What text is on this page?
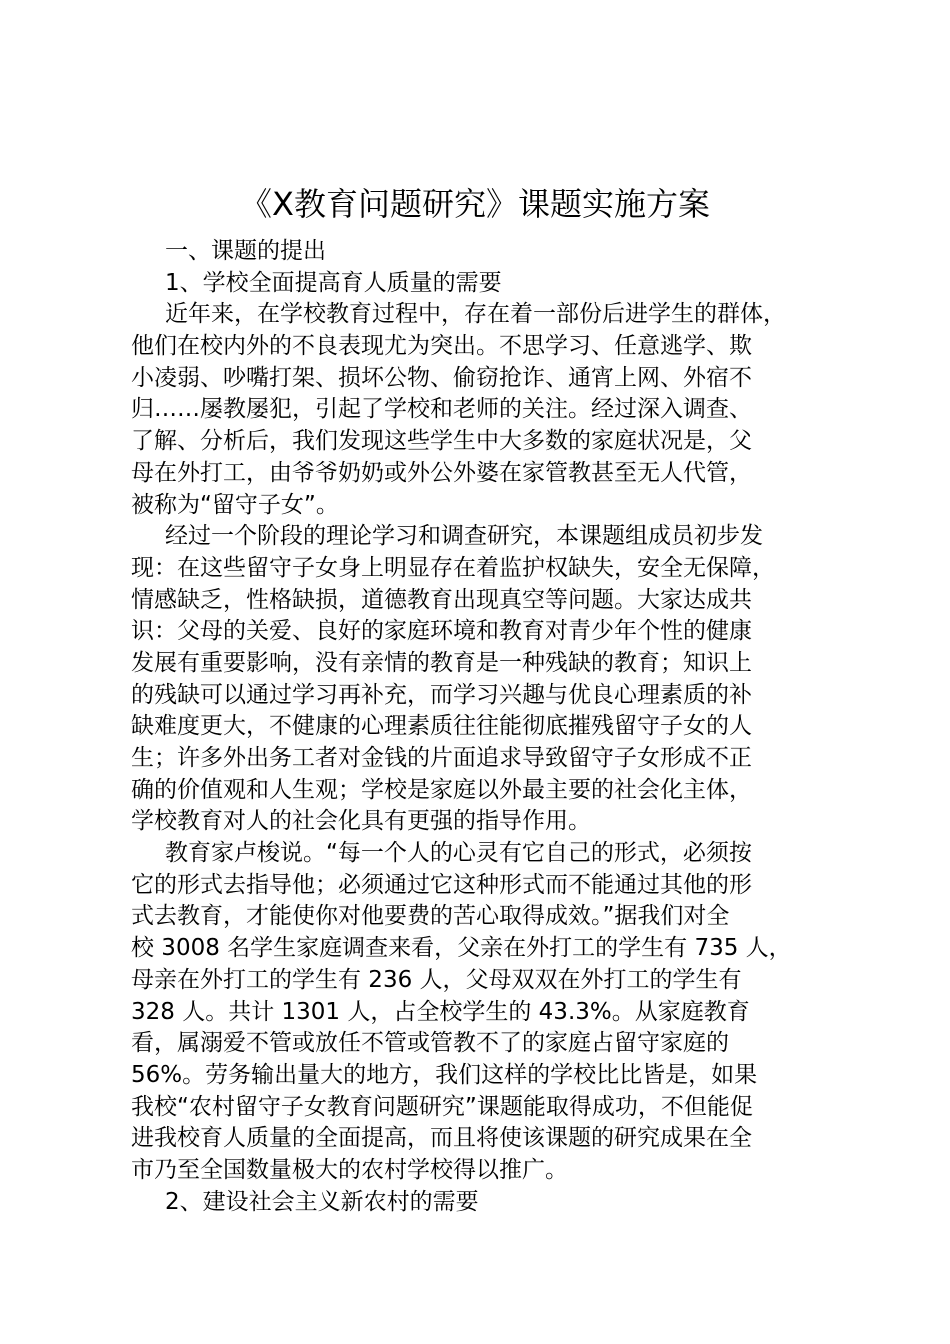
《X教育问题研究》课题实施方案
一、课题的提出
1、学校全面提高育人质量的需要
近年来，在学校教育过程中，存在着一部份后进学生的群体，
他们在校内外的不良表现尤为突出。不思学习、任意逃学、欺
小凌弱、吵嘴打架、损坏公物、偷窃抢诈、通宵上网、外宿不
归……屡教屡犯，引起了学校和老师的关注。经过深入调查、
了解、分析后，我们发现这些学生中大多数的家庭状况是，父
母在外打工，由爷爷奶奶或外公外婆在家管教甚至无人代管，
被称为“留守子女”。
经过一个阶段的理论学习和调查研究，本课题组成员初步发
现：在这些留守子女身上明显存在着监护权缺失，安全无保障，
情感缺乏，性格缺损，道德教育出现真空等问题。大家达成共
识：父母的关爱、良好的家庭环境和教育对青少年个性的健康
发展有重要影响，没有亲情的教育是一种残缺的教育；知识上
的残缺可以通过学习再补充，而学习兴趣与优良心理素质的补
缺难度更大，不健康的心理素质往往能彻底摧残留守子女的人
生；许多外出务工者对金钱的片面追求导致留守子女形成不正
确的价值观和人生观；学校是家庭以外最主要的社会化主体，
学校教育对人的社会化具有更强的指导作用。
教育家卢梭说。“每一个人的心灵有它自己的形式，必须按
它的形式去指导他；必须通过它这种形式而不能通过其他的形
式去教育，才能使你对他要费的苦心取得成效。”据我们对全
校 3008 名学生家庭调查来看，父亲在外打工的学生有 735 人，
母亲在外打工的学生有 236 人，父母双双在外打工的学生有
328 人。共计 1301 人，占全校学生的 43.3%。从家庭教育
看，属溺爱不管或放任不管或管教不了的家庭占留守家庭的
56%。劳务输出量大的地方，我们这样的学校比比皆是，如果
我校“农村留守子女教育问题研究”课题能取得成功，不但能促
进我校育人质量的全面提高，而且将使该课题的研究成果在全
市乃至全国数量极大的农村学校得以推广。
2、建设社会主义新农村的需要
